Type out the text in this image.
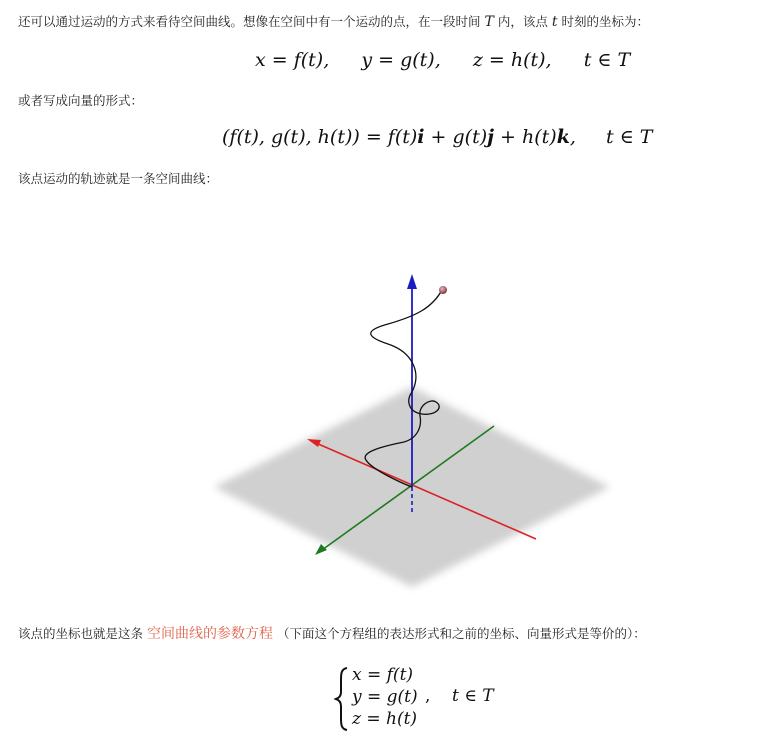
还可以通过运动的方式来看待空间曲线。想像在空间中有一个运动的点，在一段时间 T 内，该点 t 时刻的坐标为：
x = f(t), y = g(t), z = h(t), t ∈ T
或者写成向量的形式：
(f(t), g(t), h(t)) = f(t)i + g(t)j + h(t)k, t ∈ T
该点运动的轨迹就是一条空间曲线：
该点的坐标也就是这条 空间曲线的参数方程 （下面这个方程组的表达形式和之前的坐标、向量形式是等价的）：
x = f(t)
y = g(t)
z = h(t)
, t ∈ T
